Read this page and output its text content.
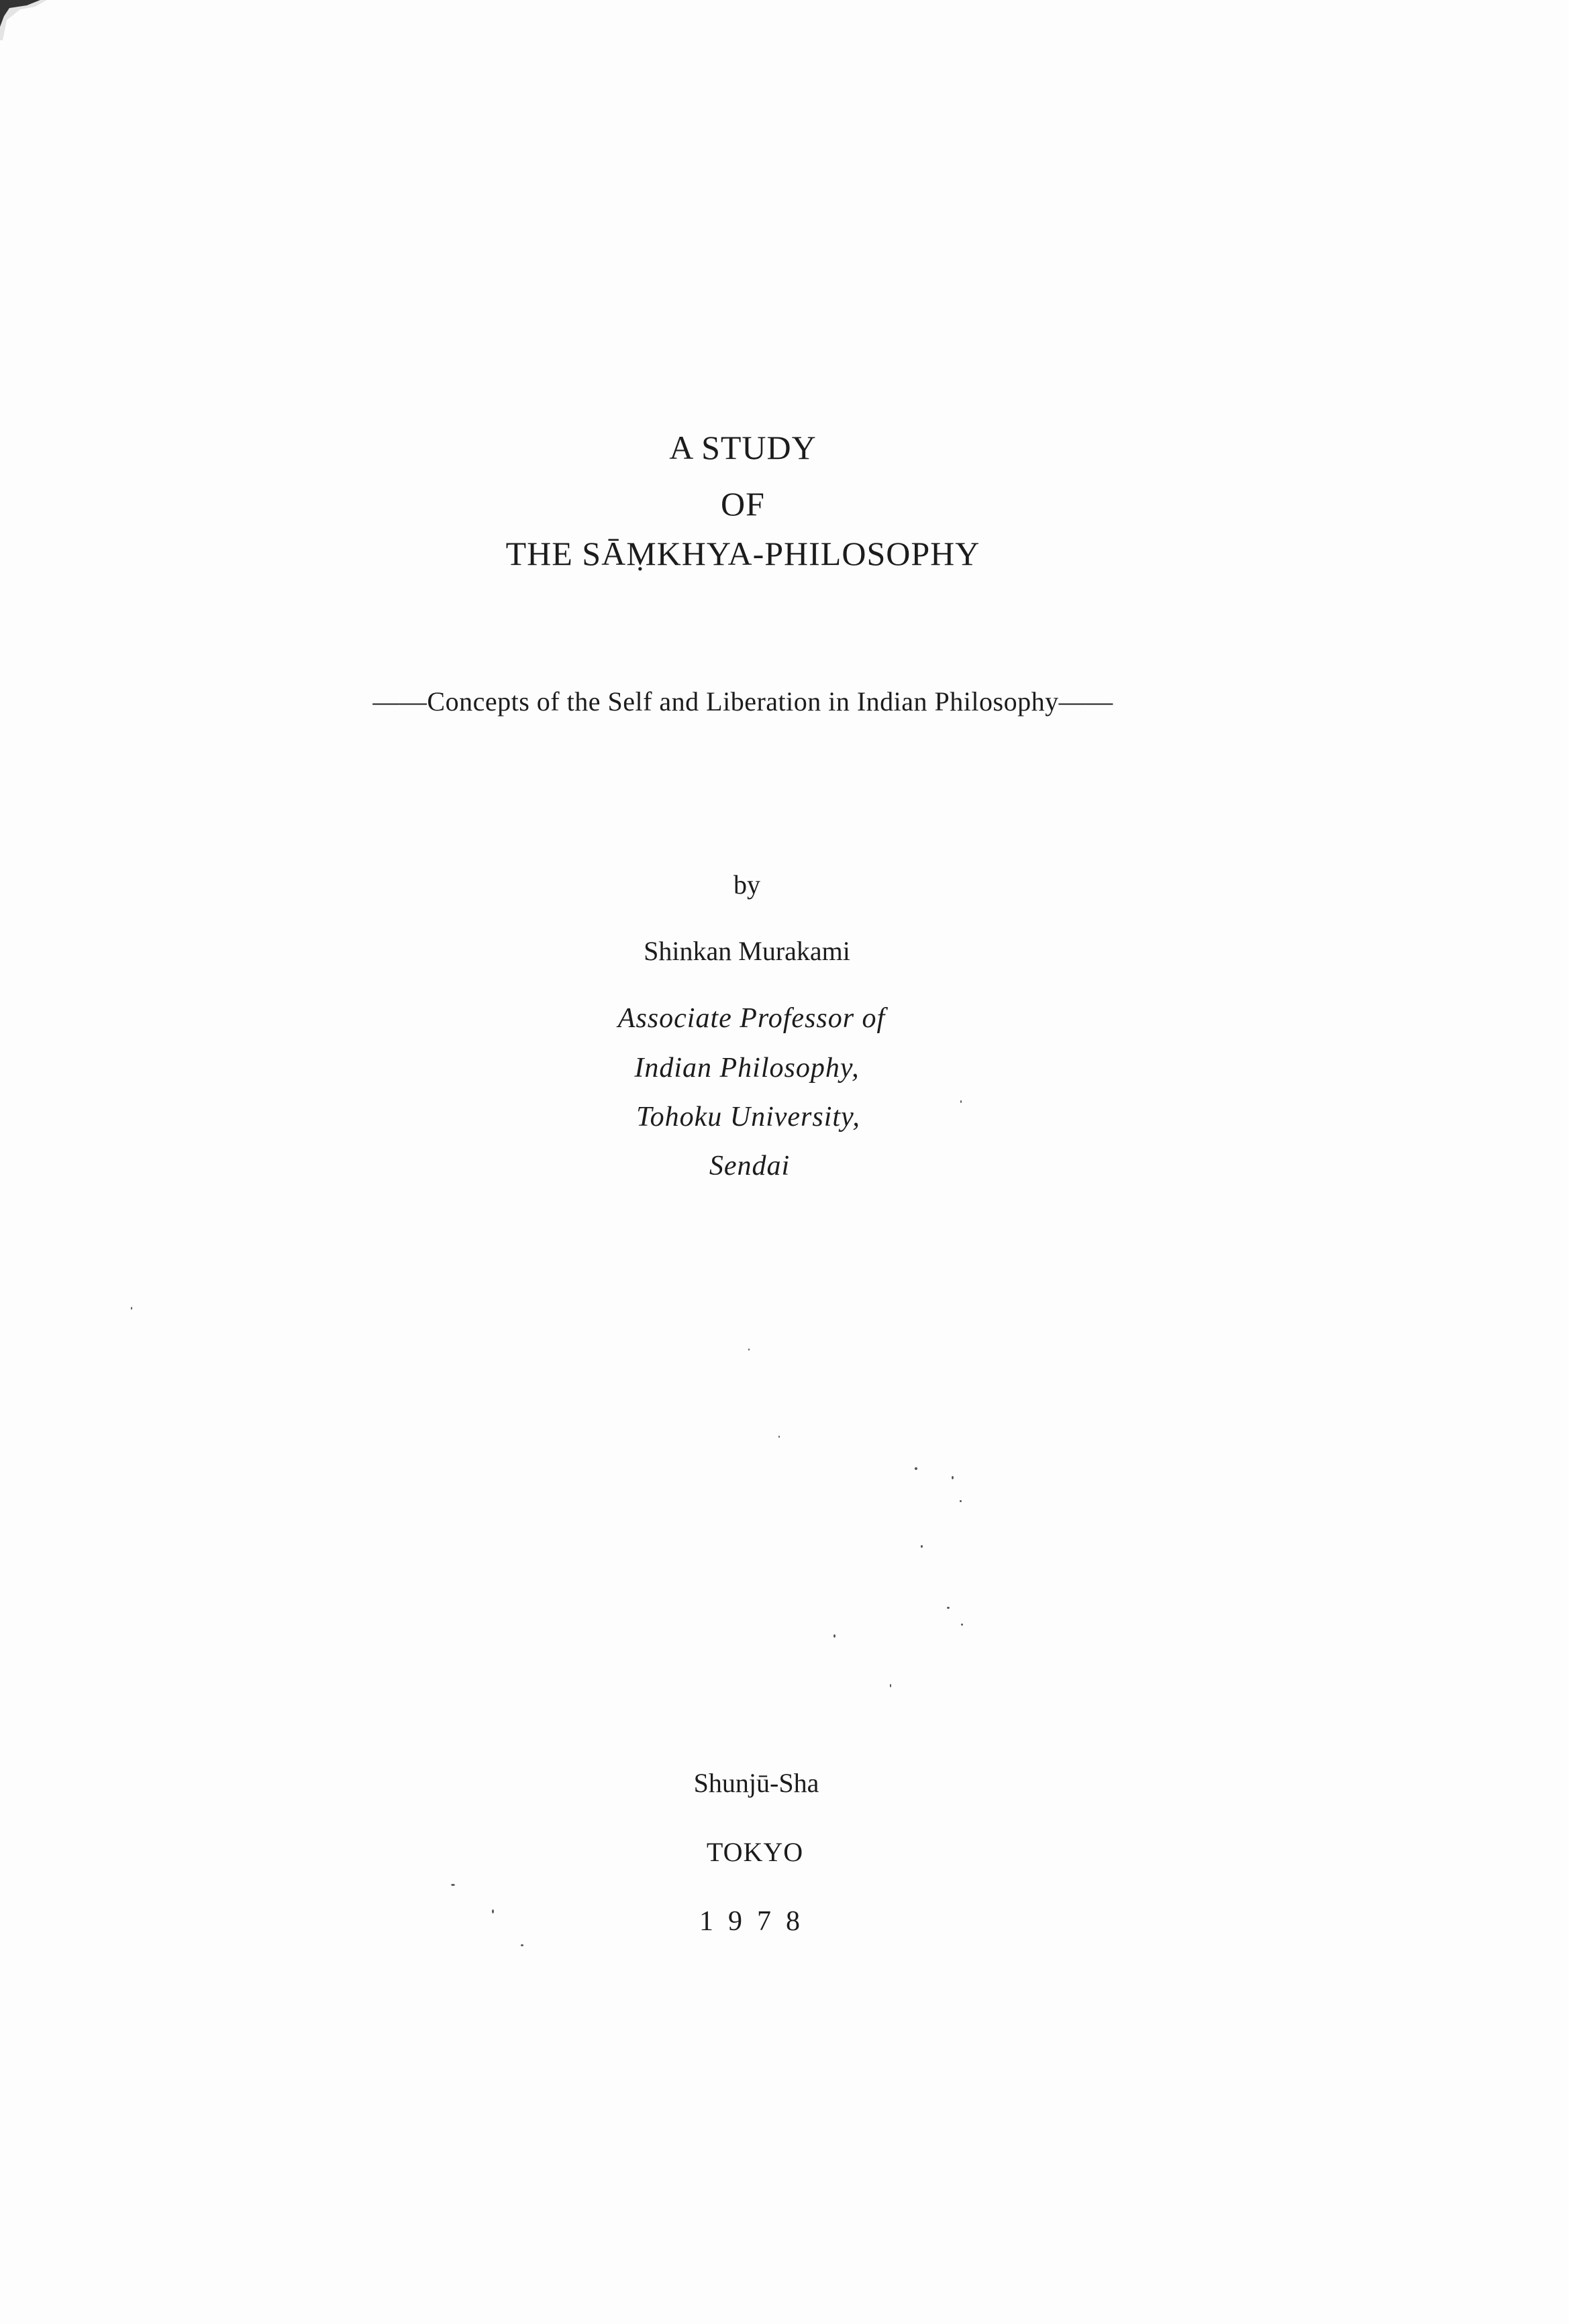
A STUDY
OF
THE SĀṂKHYA-PHILOSOPHY
——Concepts of the Self and Liberation in Indian Philosophy——
by
Shinkan Murakami
Associate Professor of
Indian Philosophy,
Tohoku University,
Sendai
Shunjū-Sha
TOKYO
1978
